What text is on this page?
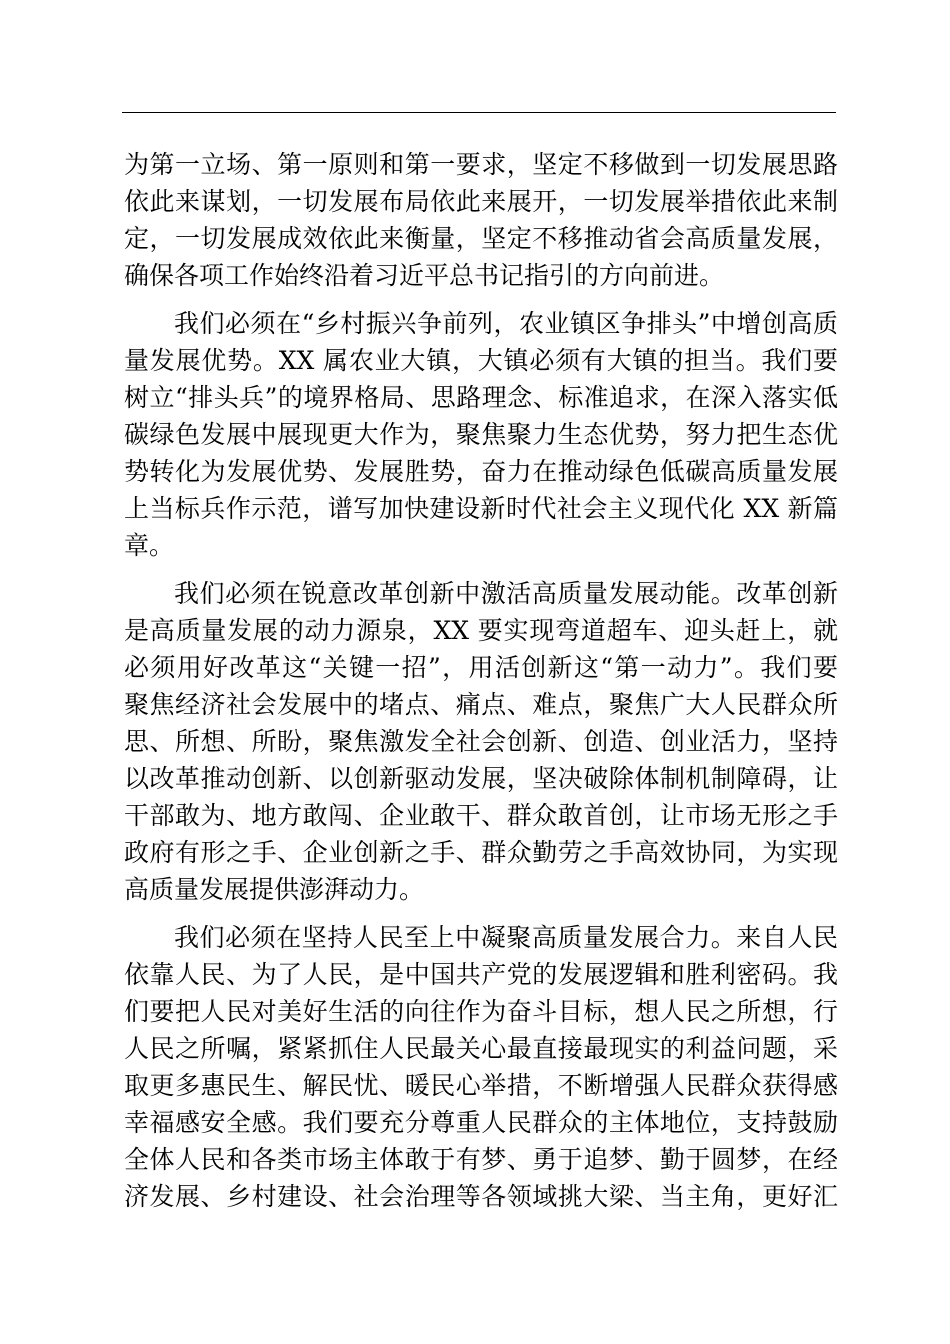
为第一立场、第一原则和第一要求，坚定不移做到一切发展思路
依此来谋划，一切发展布局依此来展开，一切发展举措依此来制
定，一切发展成效依此来衡量，坚定不移推动省会高质量发展，
确保各项工作始终沿着习近平总书记指引的方向前进。
我们必须在“乡村振兴争前列，农业镇区争排头”中增创高质
量发展优势。XX 属农业大镇，大镇必须有大镇的担当。我们要
树立“排头兵”的境界格局、思路理念、标准追求，在深入落实低
碳绿色发展中展现更大作为，聚焦聚力生态优势，努力把生态优
势转化为发展优势、发展胜势，奋力在推动绿色低碳高质量发展
上当标兵作示范，谱写加快建设新时代社会主义现代化 XX 新篇
章。
我们必须在锐意改革创新中激活高质量发展动能。改革创新
是高质量发展的动力源泉，XX 要实现弯道超车、迎头赶上，就
必须用好改革这“关键一招”，用活创新这“第一动力”。我们要
聚焦经济社会发展中的堵点、痛点、难点，聚焦广大人民群众所
思、所想、所盼，聚焦激发全社会创新、创造、创业活力，坚持
以改革推动创新、以创新驱动发展，坚决破除体制机制障碍，让
干部敢为、地方敢闯、企业敢干、群众敢首创，让市场无形之手
政府有形之手、企业创新之手、群众勤劳之手高效协同，为实现
高质量发展提供澎湃动力。
我们必须在坚持人民至上中凝聚高质量发展合力。来自人民
依靠人民、为了人民，是中国共产党的发展逻辑和胜利密码。我
们要把人民对美好生活的向往作为奋斗目标，想人民之所想，行
人民之所嘱，紧紧抓住人民最关心最直接最现实的利益问题，采
取更多惠民生、解民忧、暖民心举措，不断增强人民群众获得感
幸福感安全感。我们要充分尊重人民群众的主体地位，支持鼓励
全体人民和各类市场主体敢于有梦、勇于追梦、勤于圆梦，在经
济发展、乡村建设、社会治理等各领域挑大梁、当主角，更好汇
